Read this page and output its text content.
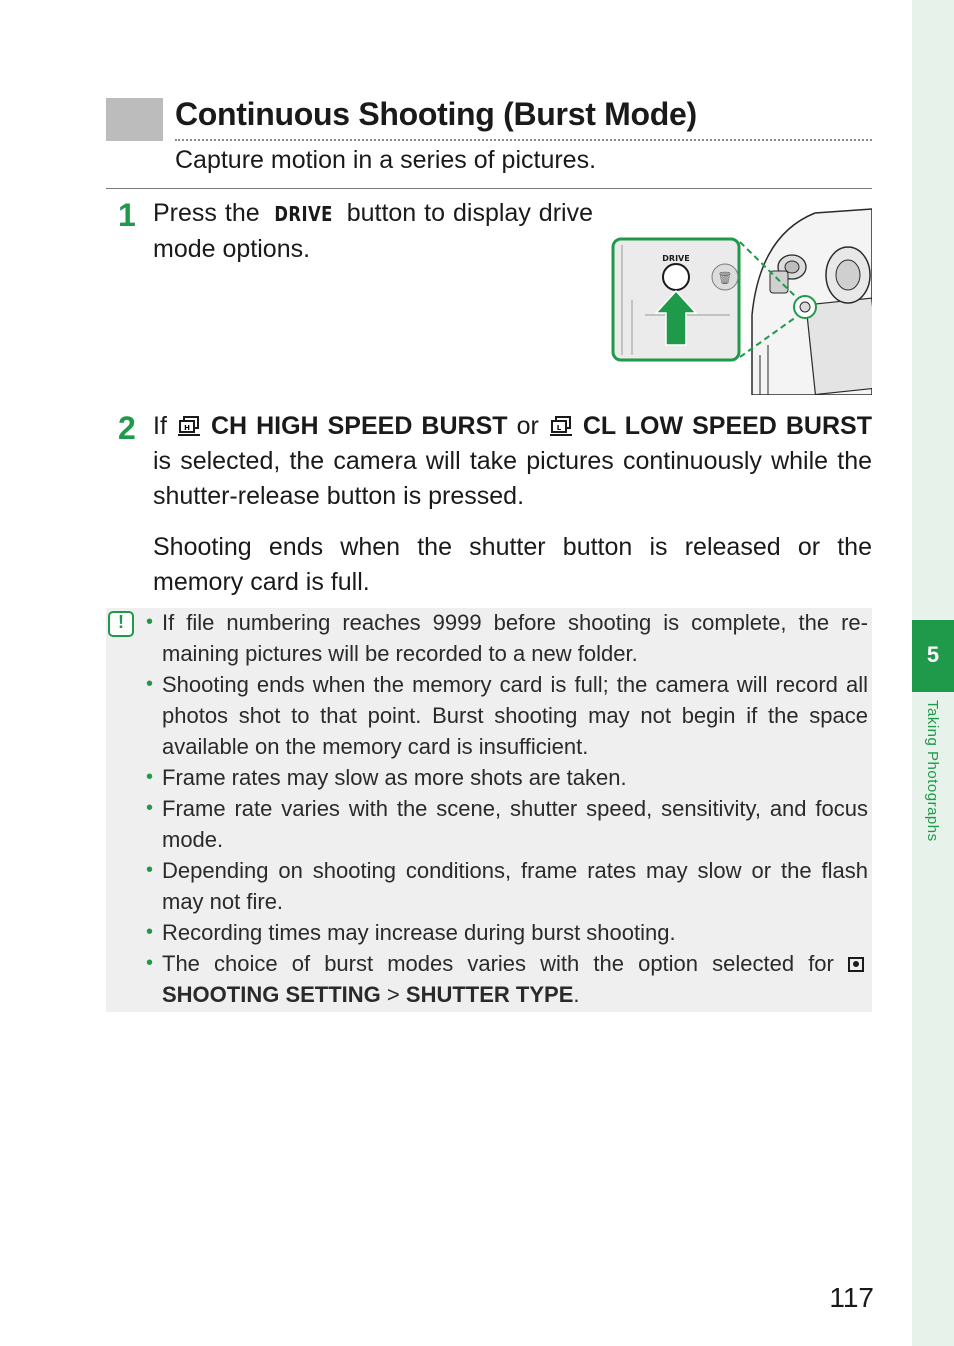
5
Taking Photographs
Continuous Shooting (Burst Mode)
Capture motion in a series of pictures.
1 Press the DRIVE button to display drive mode options.
🗑
DRIVE
2 If H CH HIGH SPEED BURST or	L CL LOW SPEED BURST is selected, the camera will take pictures continuously while the shutter-release button is pressed.
Shooting ends when the shutter button is released or the memory card is full.
!	• If file numbering reaches 9999 before shooting is complete, the remaining pictures will be recorded to a new folder.
• Shooting ends when the memory card is full; the camera will record all photos shot to that point. Burst shooting may not begin if the space available on the memory card is insufficient.
• Frame rates may slow as more shots are taken.
• Frame rate varies with the scene, shutter speed, sensitivity, and focus mode.
• Depending on shooting conditions, frame rates may slow or the flash may not fire.
• Recording times may increase during burst shooting.
• The choice of burst modes varies with the option selected for SHOOTING SETTING > SHUTTER TYPE.
117
